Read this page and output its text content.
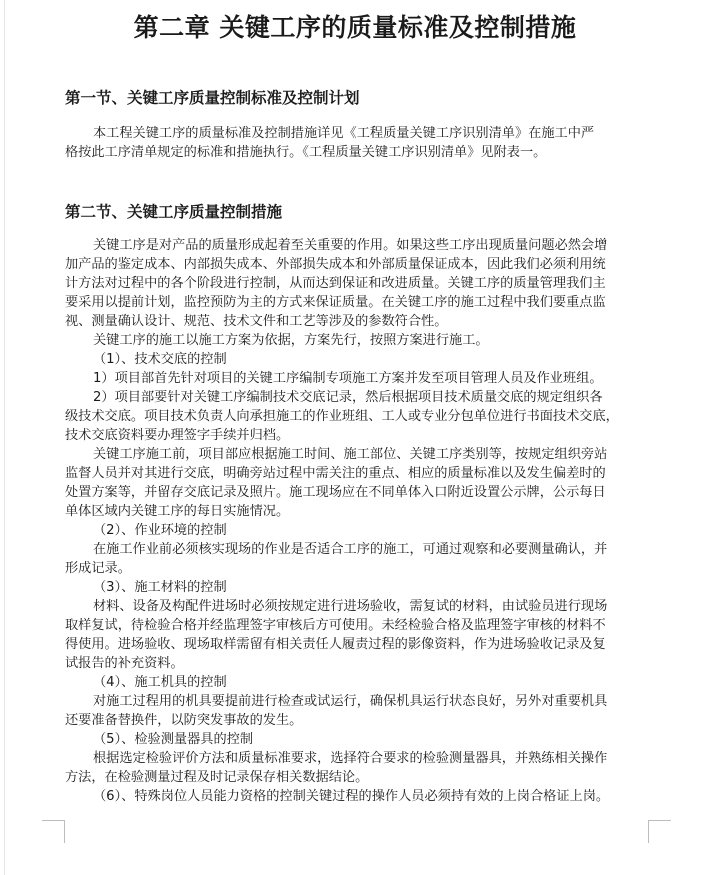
第二章 关键工序的质量标准及控制措施
第一节、关键工序质量控制标准及控制计划
本工程关键工序的质量标准及控制措施详见《工程质量关键工序识别清单》在施工中严
格按此工序清单规定的标准和措施执行。《工程质量关键工序识别清单》见附表一。
第二节、关键工序质量控制措施
关键工序是对产品的质量形成起着至关重要的作用。如果这些工序出现质量问题必然会增
加产品的鉴定成本、内部损失成本、外部损失成本和外部质量保证成本，因此我们必须利用统
计方法对过程中的各个阶段进行控制，从而达到保证和改进质量。关键工序的质量管理我们主
要采用以提前计划，监控预防为主的方式来保证质量。在关键工序的施工过程中我们要重点监
视、测量确认设计、规范、技术文件和工艺等涉及的参数符合性。
关键工序的施工以施工方案为依据，方案先行，按照方案进行施工。
（1）、技术交底的控制
1）项目部首先针对项目的关键工序编制专项施工方案并发至项目管理人员及作业班组。
2）项目部要针对关键工序编制技术交底记录，然后根据项目技术质量交底的规定组织各
级技术交底。项目技术负责人向承担施工的作业班组、工人或专业分包单位进行书面技术交底，
技术交底资料要办理签字手续并归档。
关键工序施工前，项目部应根据施工时间、施工部位、关键工序类别等，按规定组织旁站
监督人员并对其进行交底，明确旁站过程中需关注的重点、相应的质量标准以及发生偏差时的
处置方案等，并留存交底记录及照片。施工现场应在不同单体入口附近设置公示牌，公示每日
单体区域内关键工序的每日实施情况。
（2）、作业环境的控制
在施工作业前必须核实现场的作业是否适合工序的施工，可通过观察和必要测量确认，并
形成记录。
（3）、施工材料的控制
材料、设备及构配件进场时必须按规定进行进场验收，需复试的材料，由试验员进行现场
取样复试，待检验合格并经监理签字审核后方可使用。未经检验合格及监理签字审核的材料不
得使用。进场验收、现场取样需留有相关责任人履责过程的影像资料，作为进场验收记录及复
试报告的补充资料。
（4）、施工机具的控制
对施工过程用的机具要提前进行检查或试运行，确保机具运行状态良好，另外对重要机具
还要准备替换件，以防突发事故的发生。
（5）、检验测量器具的控制
根据选定检验评价方法和质量标准要求，选择符合要求的检验测量器具，并熟练相关操作
方法，在检验测量过程及时记录保存相关数据结论。
（6）、特殊岗位人员能力资格的控制关键过程的操作人员必须持有效的上岗合格证上岗。
